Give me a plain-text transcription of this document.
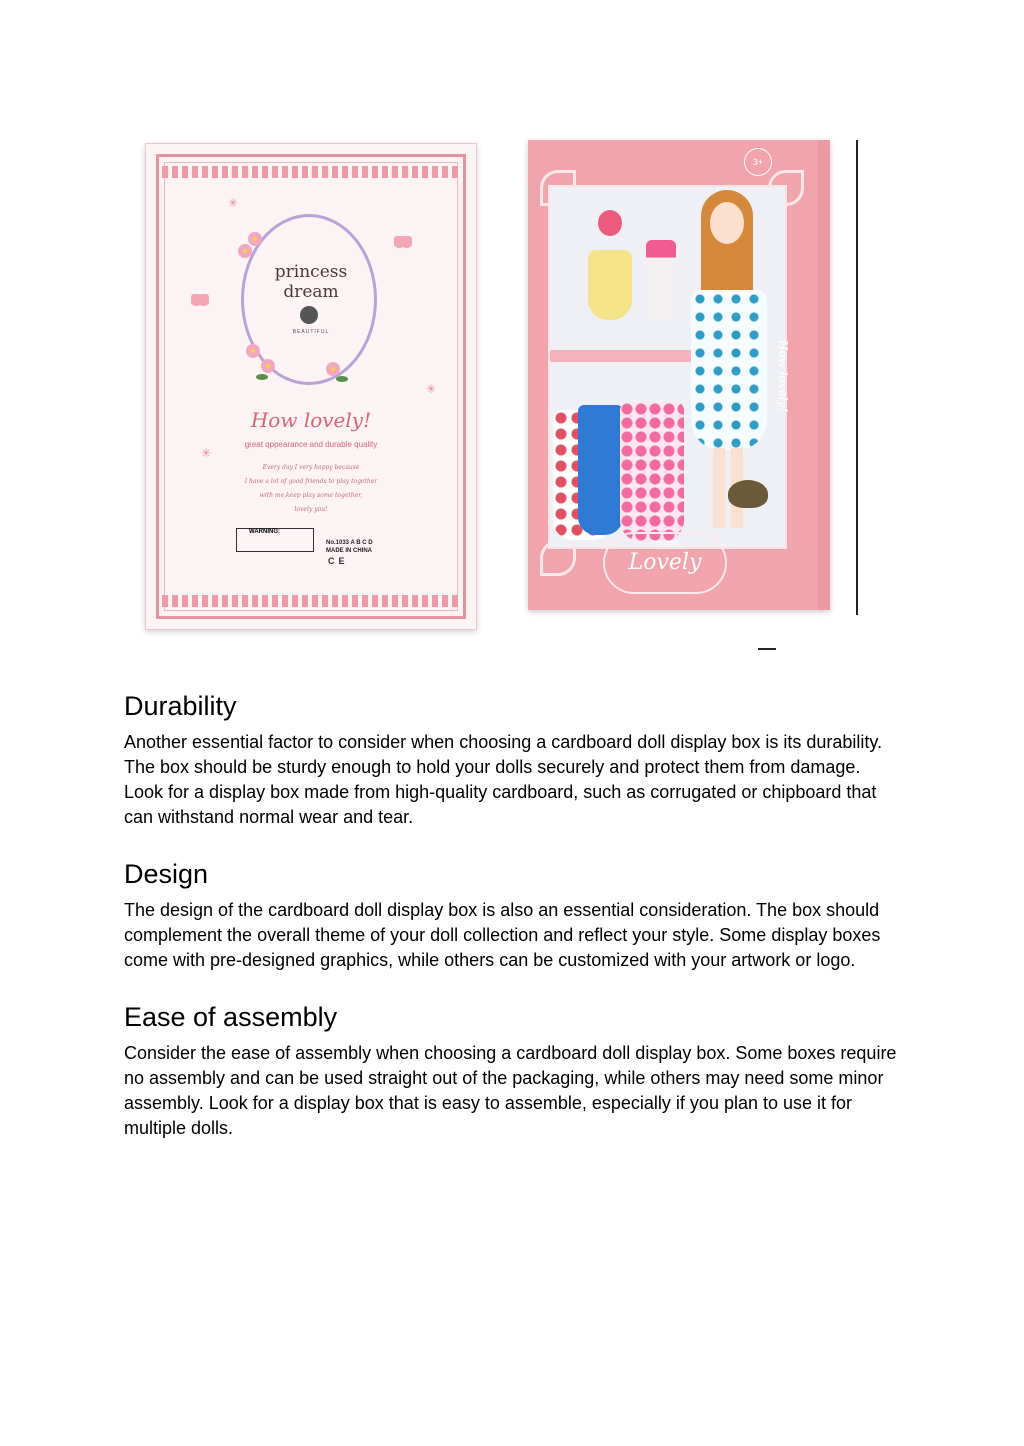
princess
dream
BEAUTIFUL
✳
✳
✳
How lovely!
great qppearance and durable quality
Every day I very happy because
I have a lot of good friends to play together
with me,keep play some together,
lovely you!
WARNING:
No.1033 A B C D
MADE IN CHINA
CE
3+
PrincesS
Lovely
How lovely!
Durability

Another essential factor to consider when choosing a cardboard doll display box is its durability. The box should be sturdy enough to hold your dolls securely and protect them from damage. Look for a display box made from high-quality cardboard, such as corrugated or chipboard that can withstand normal wear and tear.

Design

The design of the cardboard doll display box is also an essential consideration. The box should complement the overall theme of your doll collection and reflect your style. Some display boxes come with pre-designed graphics, while others can be customized with your artwork or logo.

Ease of assembly

Consider the ease of assembly when choosing a cardboard doll display box. Some boxes require no assembly and can be used straight out of the packaging, while others may need some minor assembly. Look for a display box that is easy to assemble, especially if you plan to use it for multiple dolls.
